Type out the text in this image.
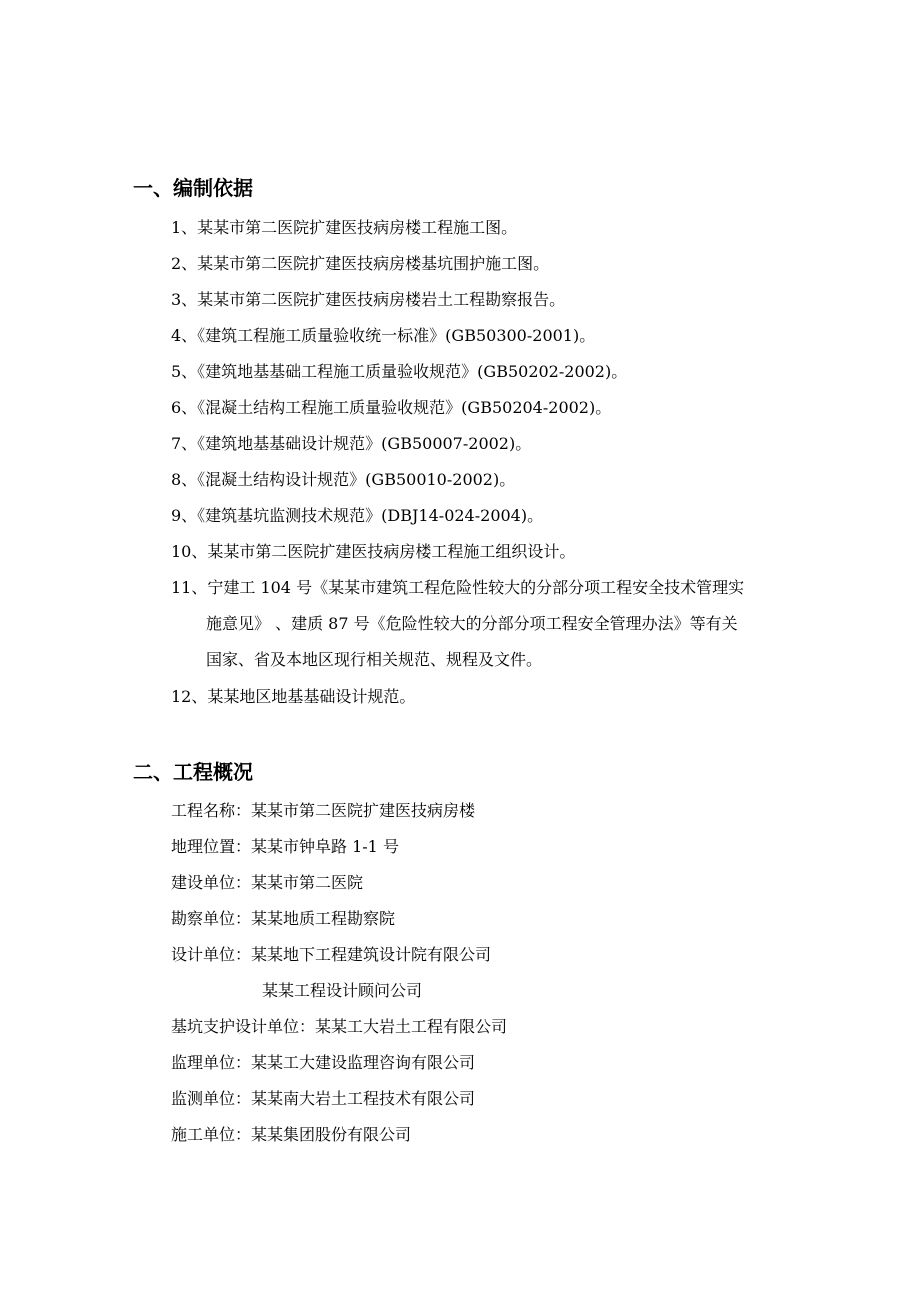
一、编制依据
1、某某市第二医院扩建医技病房楼工程施工图。
2、某某市第二医院扩建医技病房楼基坑围护施工图。
3、某某市第二医院扩建医技病房楼岩土工程勘察报告。
4、《建筑工程施工质量验收统一标准》(GB50300-2001)。
5、《建筑地基基础工程施工质量验收规范》(GB50202-2002)。
6、《混凝土结构工程施工质量验收规范》(GB50204-2002)。
7、《建筑地基基础设计规范》(GB50007-2002)。
8、《混凝土结构设计规范》(GB50010-2002)。
9、《建筑基坑监测技术规范》(DBJ14-024-2004)。
10、某某市第二医院扩建医技病房楼工程施工组织设计。
11、宁建工 104 号《某某市建筑工程危险性较大的分部分项工程安全技术管理实
施意见》 、建质 87 号《危险性较大的分部分项工程安全管理办法》等有关
国家、省及本地区现行相关规范、规程及文件。
12、某某地区地基基础设计规范。
二、工程概况
工程名称：某某市第二医院扩建医技病房楼
地理位置：某某市钟阜路 1-1 号
建设单位：某某市第二医院
勘察单位：某某地质工程勘察院
设计单位：某某地下工程建筑设计院有限公司
某某工程设计顾问公司
基坑支护设计单位：某某工大岩土工程有限公司
监理单位：某某工大建设监理咨询有限公司
监测单位：某某南大岩土工程技术有限公司
施工单位：某某集团股份有限公司
